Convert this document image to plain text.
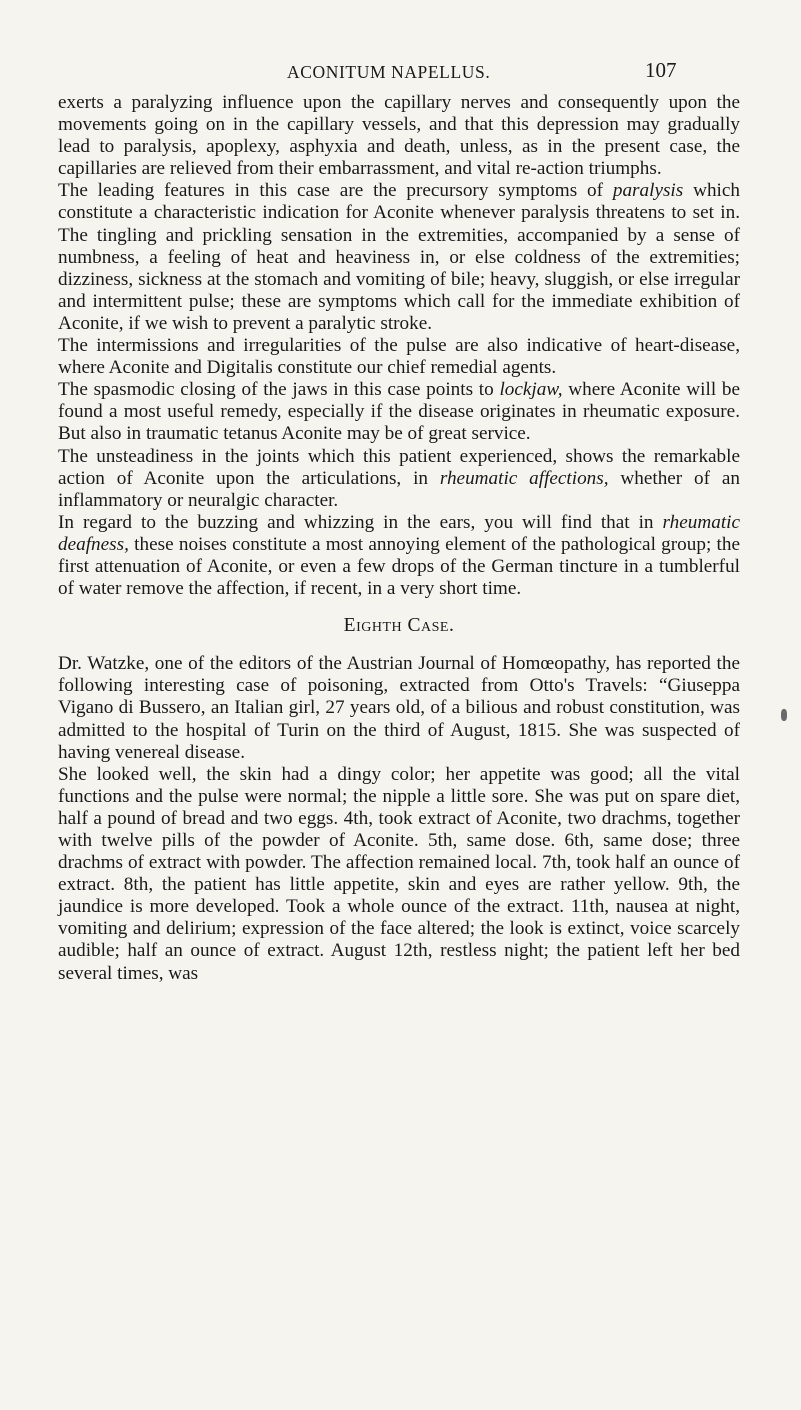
ACONITUM NAPELLUS.	107

exerts a paralyzing influence upon the capillary nerves and consequently upon the movements going on in the capillary vessels, and that this depression may gradually lead to paralysis, apoplexy, asphyxia and death, unless, as in the present case, the capillaries are relieved from their embarrassment, and vital re-action triumphs.

The leading features in this case are the precursory symptoms of paralysis which constitute a characteristic indication for Aconite whenever paralysis threatens to set in. The tingling and prickling sensation in the extremities, accompanied by a sense of numbness, a feeling of heat and heaviness in, or else coldness of the extremities; dizziness, sickness at the stomach and vomiting of bile; heavy, sluggish, or else irregular and intermittent pulse; these are symptoms which call for the immediate exhibition of Aconite, if we wish to prevent a paralytic stroke.

The intermissions and irregularities of the pulse are also indicative of heart-disease, where Aconite and Digitalis constitute our chief remedial agents.

The spasmodic closing of the jaws in this case points to lockjaw, where Aconite will be found a most useful remedy, especially if the disease originates in rheumatic exposure. But also in traumatic tetanus Aconite may be of great service.

The unsteadiness in the joints which this patient experienced, shows the remarkable action of Aconite upon the articulations, in rheumatic affections, whether of an inflammatory or neuralgic character.

In regard to the buzzing and whizzing in the ears, you will find that in rheumatic deafness, these noises constitute a most annoying element of the pathological group; the first attenuation of Aconite, or even a few drops of the German tincture in a tumblerful of water remove the affection, if recent, in a very short time.

Eighth Case.

Dr. Watzke, one of the editors of the Austrian Journal of Homœopathy, has reported the following interesting case of poisoning, extracted from Otto's Travels: “Giuseppa Vigano di Bussero, an Italian girl, 27 years old, of a bilious and robust constitution, was admitted to the hospital of Turin on the third of August, 1815. She was suspected of having venereal disease.

She looked well, the skin had a dingy color; her appetite was good; all the vital functions and the pulse were normal; the nipple a little sore. She was put on spare diet, half a pound of bread and two eggs. 4th, took extract of Aconite, two drachms, together with twelve pills of the powder of Aconite. 5th, same dose. 6th, same dose; three drachms of extract with powder. The affection remained local. 7th, took half an ounce of extract. 8th, the patient has little appetite, skin and eyes are rather yellow. 9th, the jaundice is more developed. Took a whole ounce of the extract. 11th, nausea at night, vomiting and delirium; expression of the face altered; the look is extinct, voice scarcely audible; half an ounce of extract. August 12th, restless night; the patient left her bed several times, was
